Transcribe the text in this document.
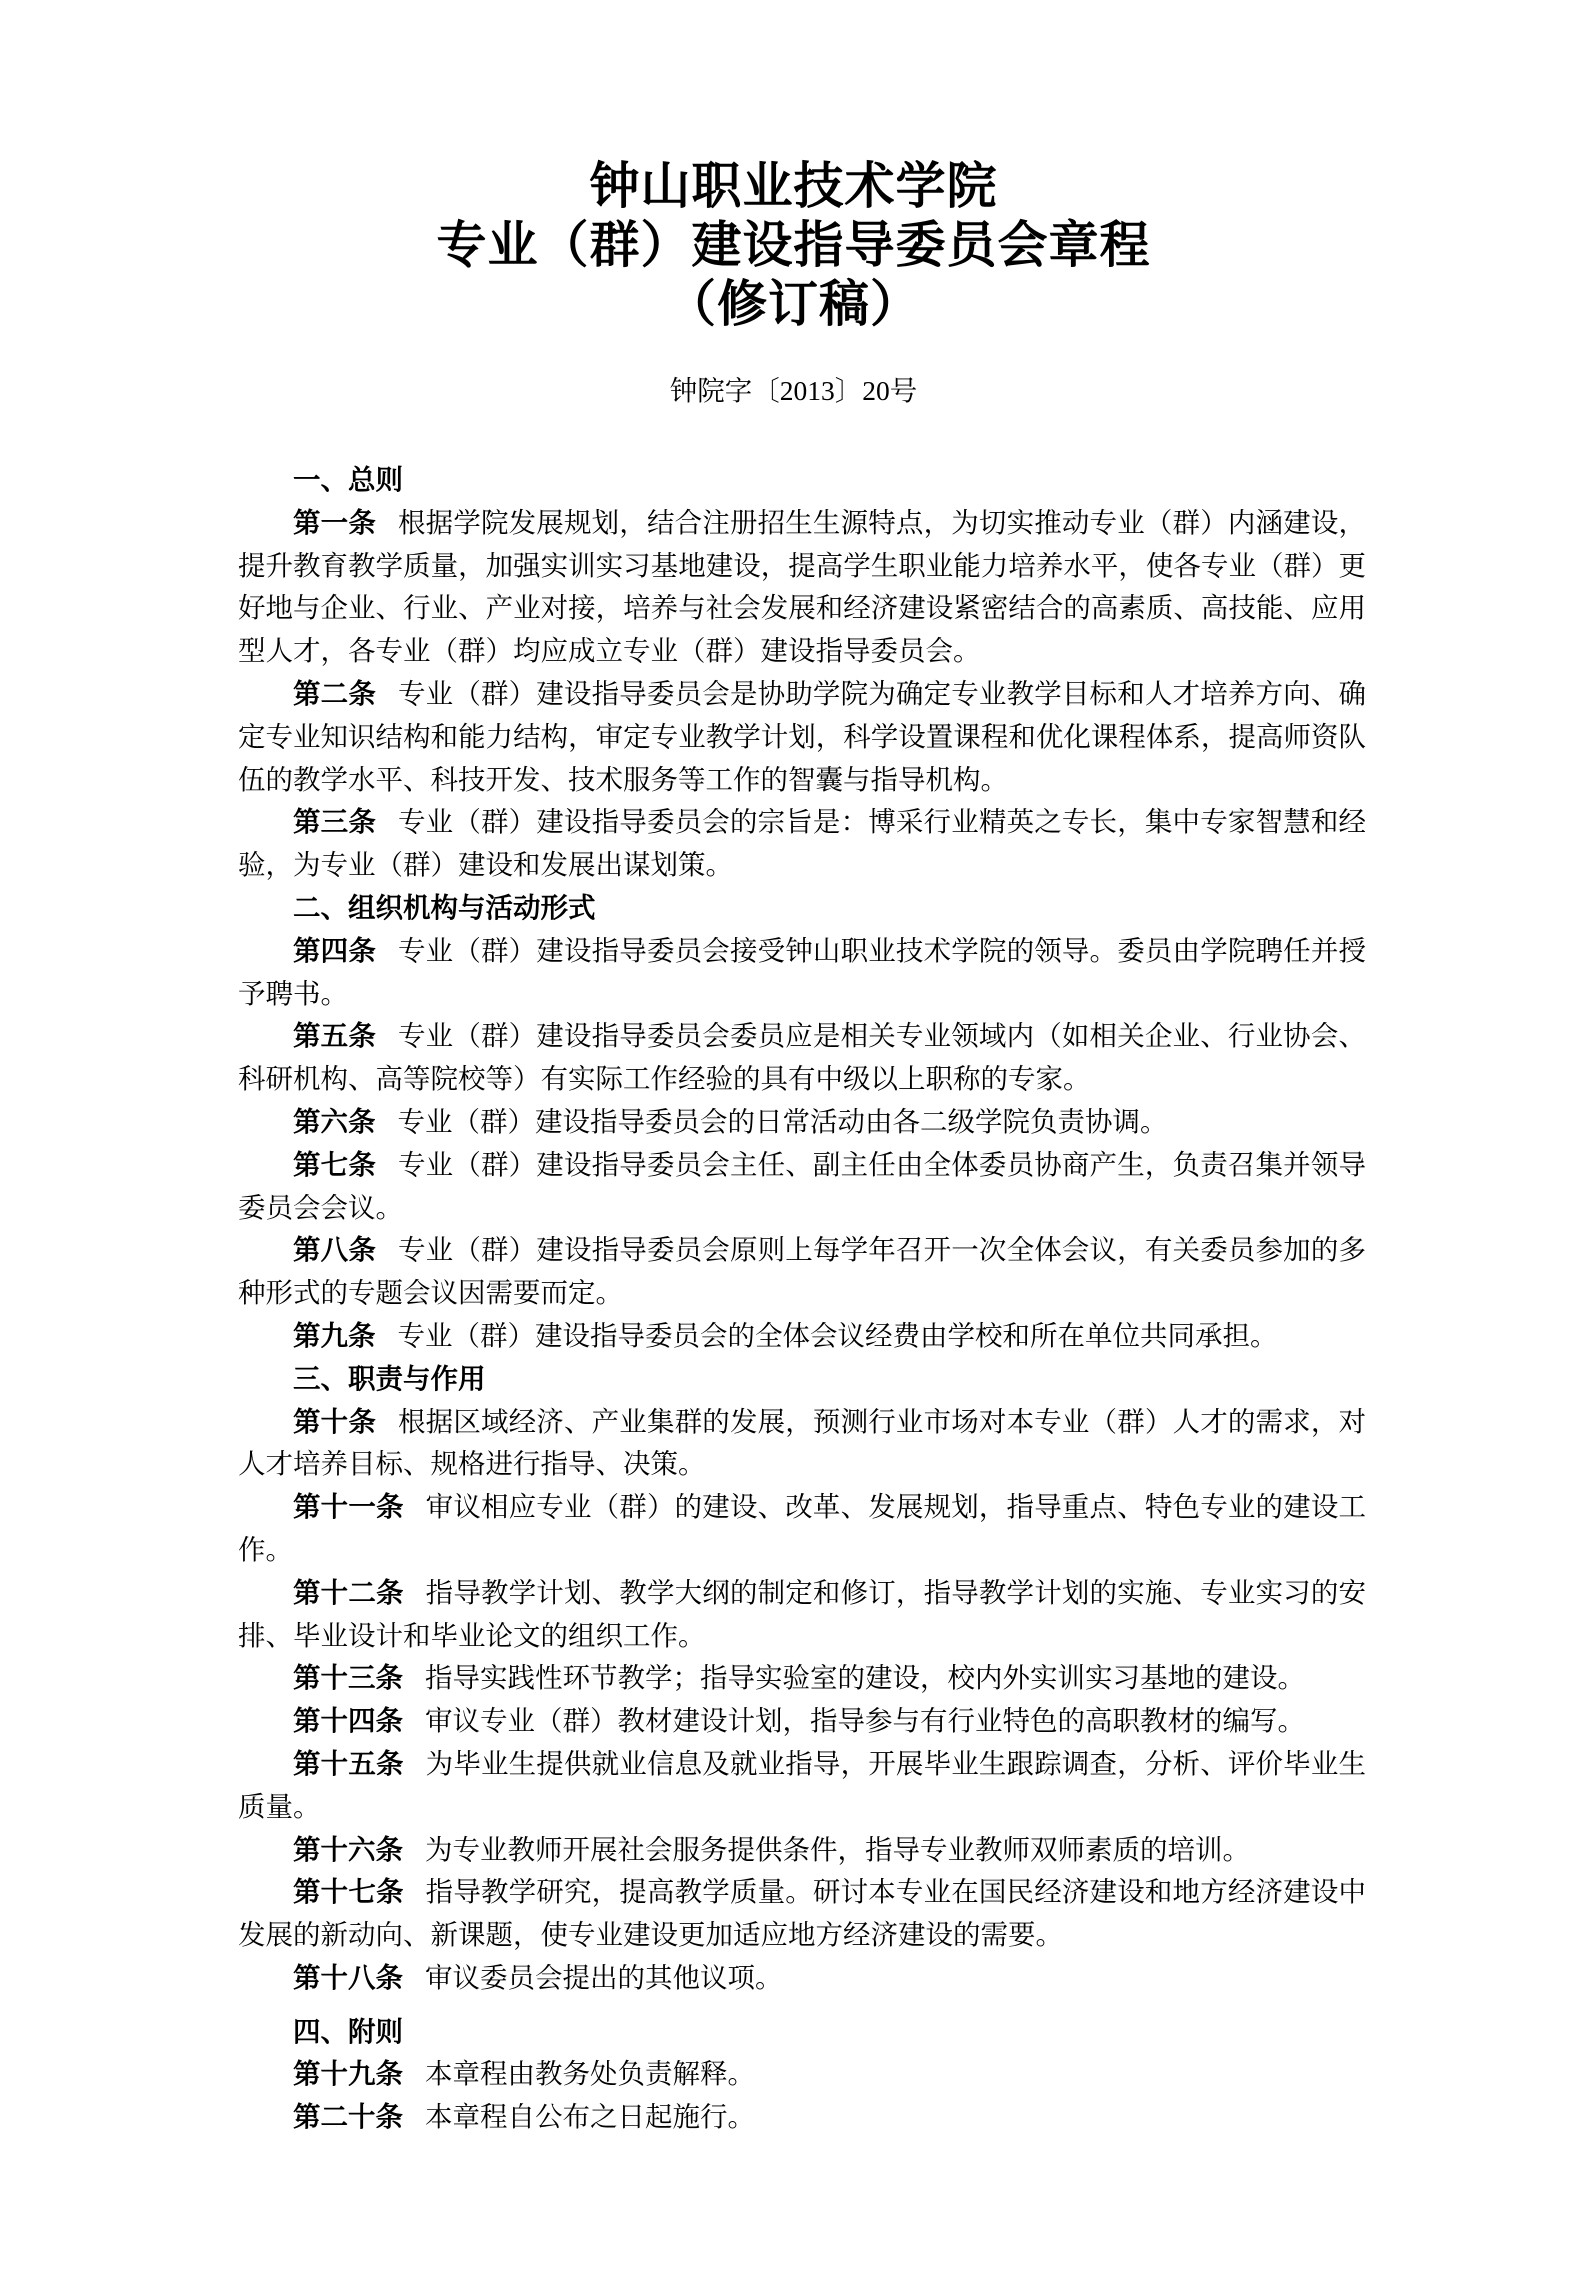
钟山职业技术学院
专业（群）建设指导委员会章程
（修订稿）
钟院字〔2013〕20号

一、总则

第一条 根据学院发展规划，结合注册招生生源特点，为切实推动专业（群）内涵建设，提升教育教学质量，加强实训实习基地建设，提高学生职业能力培养水平，使各专业（群）更好地与企业、行业、产业对接，培养与社会发展和经济建设紧密结合的高素质、高技能、应用型人才，各专业（群）均应成立专业（群）建设指导委员会。

第二条 专业（群）建设指导委员会是协助学院为确定专业教学目标和人才培养方向、确定专业知识结构和能力结构，审定专业教学计划，科学设置课程和优化课程体系，提高师资队伍的教学水平、科技开发、技术服务等工作的智囊与指导机构。

第三条 专业（群）建设指导委员会的宗旨是：博采行业精英之专长，集中专家智慧和经验，为专业（群）建设和发展出谋划策。

二、组织机构与活动形式

第四条 专业（群）建设指导委员会接受钟山职业技术学院的领导。委员由学院聘任并授予聘书。

第五条 专业（群）建设指导委员会委员应是相关专业领域内（如相关企业、行业协会、科研机构、高等院校等）有实际工作经验的具有中级以上职称的专家。

第六条 专业（群）建设指导委员会的日常活动由各二级学院负责协调。

第七条 专业（群）建设指导委员会主任、副主任由全体委员协商产生，负责召集并领导委员会会议。

第八条 专业（群）建设指导委员会原则上每学年召开一次全体会议，有关委员参加的多种形式的专题会议因需要而定。

第九条 专业（群）建设指导委员会的全体会议经费由学校和所在单位共同承担。

三、职责与作用

第十条 根据区域经济、产业集群的发展，预测行业市场对本专业（群）人才的需求，对人才培养目标、规格进行指导、决策。

第十一条 审议相应专业（群）的建设、改革、发展规划，指导重点、特色专业的建设工作。

第十二条 指导教学计划、教学大纲的制定和修订，指导教学计划的实施、专业实习的安排、毕业设计和毕业论文的组织工作。

第十三条 指导实践性环节教学；指导实验室的建设，校内外实训实习基地的建设。

第十四条 审议专业（群）教材建设计划，指导参与有行业特色的高职教材的编写。

第十五条 为毕业生提供就业信息及就业指导，开展毕业生跟踪调查，分析、评价毕业生质量。

第十六条 为专业教师开展社会服务提供条件，指导专业教师双师素质的培训。

第十七条 指导教学研究，提高教学质量。研讨本专业在国民经济建设和地方经济建设中发展的新动向、新课题，使专业建设更加适应地方经济建设的需要。

第十八条 审议委员会提出的其他议项。

四、附则

第十九条 本章程由教务处负责解释。

第二十条 本章程自公布之日起施行。
